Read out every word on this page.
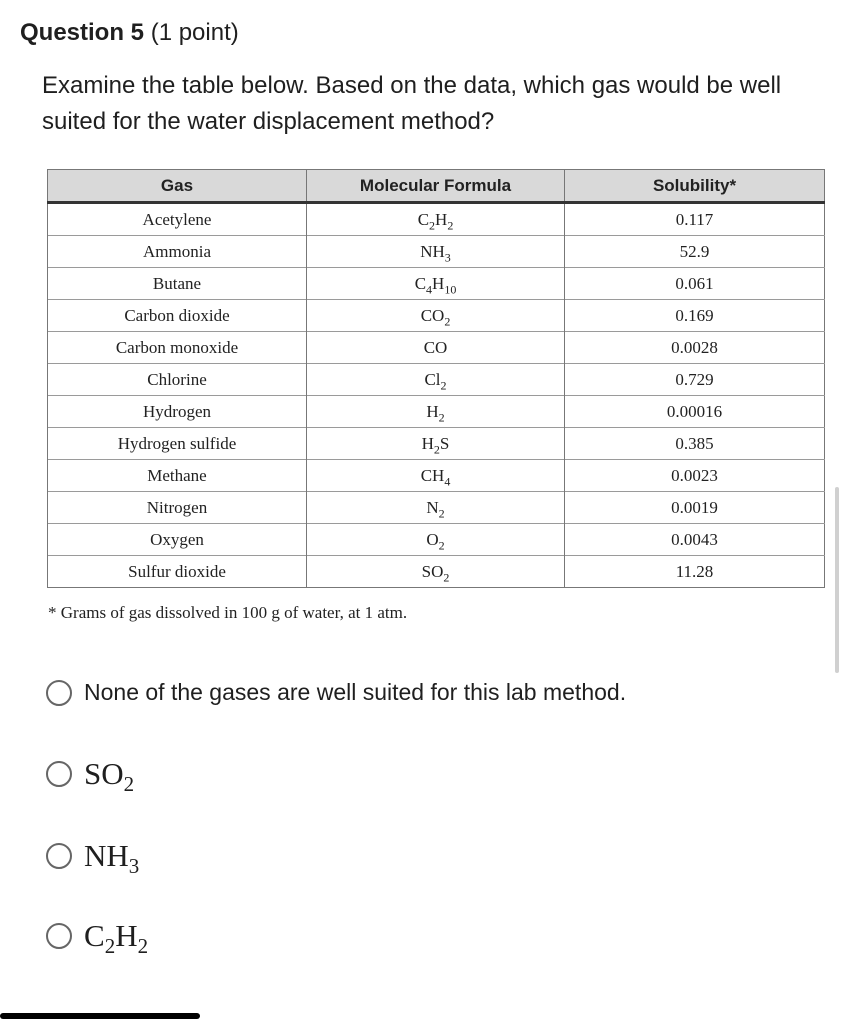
Question 5 (1 point)
Examine the table below. Based on the data, which gas would be well suited for the water displacement method?
Gas	Molecular Formula	Solubility*
Acetylene	$C_2H_2$	0.117
Ammonia	$NH_3$	52.9
Butane	$C_4H_{10}$	0.061
Carbon dioxide	$CO_2$	0.169
Carbon monoxide	CO	0.0028
Chlorine	$Cl_2$	0.729
Hydrogen	$H_2$	0.00016
Hydrogen sulfide	$H_2S$	0.385
Methane	$CH_4$	0.0023
Nitrogen	$N_2$	0.0019
Oxygen	$O_2$	0.0043
Sulfur dioxide	$SO_2$	11.28
* Grams of gas dissolved in 100 g of water, at 1 atm.
None of the gases are well suited for this lab method.
$SO_2$
$NH_3$
$C_2H_2$
